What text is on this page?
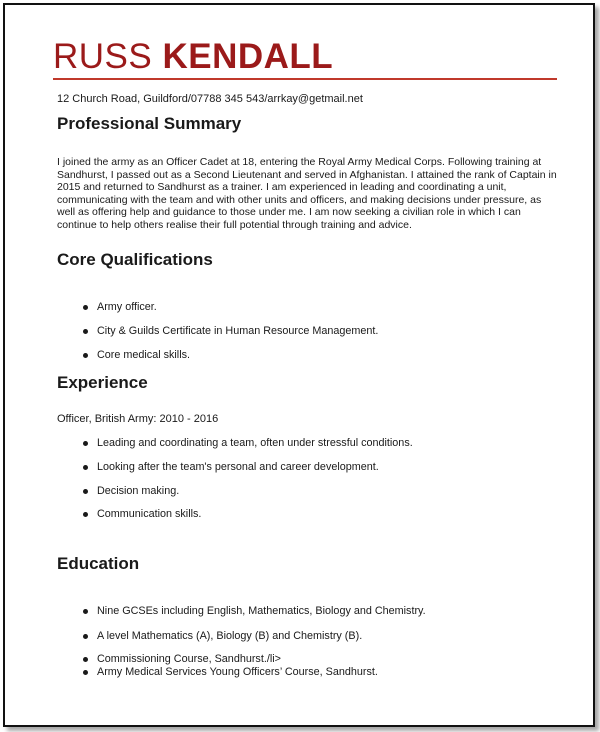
RUSS KENDALL
12 Church Road, Guildford/07788 345 543/arrkay@getmail.net
Professional Summary

I joined the army as an Officer Cadet at 18, entering the Royal Army Medical Corps. Following training at Sandhurst, I passed out as a Second Lieutenant and served in Afghanistan. I attained the rank of Captain in 2015 and returned to Sandhurst as a trainer. I am experienced in leading and coordinating a unit, communicating with the team and with other units and officers, and making decisions under pressure, as well as offering help and guidance to those under me. I am now seeking a civilian role in which I can continue to help others realise their full potential through training and advice.

Core Qualifications
Army officer.
City & Guilds Certificate in Human Resource Management.
Core medical skills.
Experience
Officer, British Army: 2010 - 2016
Leading and coordinating a team, often under stressful conditions.
Looking after the team's personal and career development.
Decision making.
Communication skills.
Education
Nine GCSEs including English, Mathematics, Biology and Chemistry.
A level Mathematics (A), Biology (B) and Chemistry (B).
Commissioning Course, Sandhurst./li>
Army Medical Services Young Officers’ Course, Sandhurst.
